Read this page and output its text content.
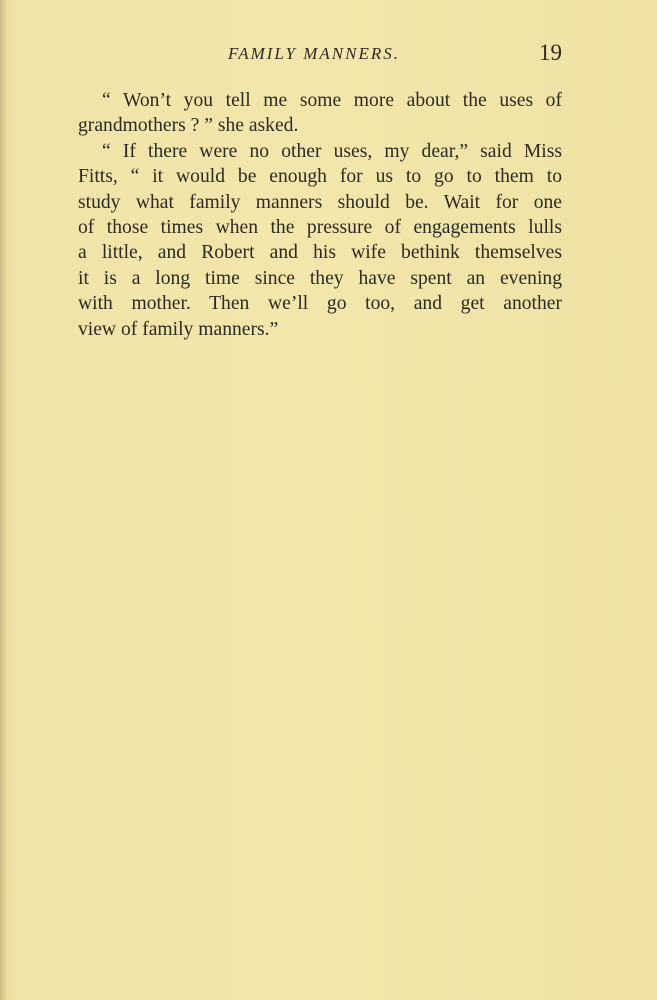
FAMILY MANNERS.	19
“ Won’t you tell me some more about the uses of
grandmothers ? ” she asked.
“ If there were no other uses, my dear,” said Miss
Fitts, “ it would be enough for us to go to them to
study what family manners should be. Wait for one
of those times when the pressure of engagements lulls
a little, and Robert and his wife bethink themselves
it is a long time since they have spent an evening
with mother. Then we’ll go too, and get another
view of family manners.”
